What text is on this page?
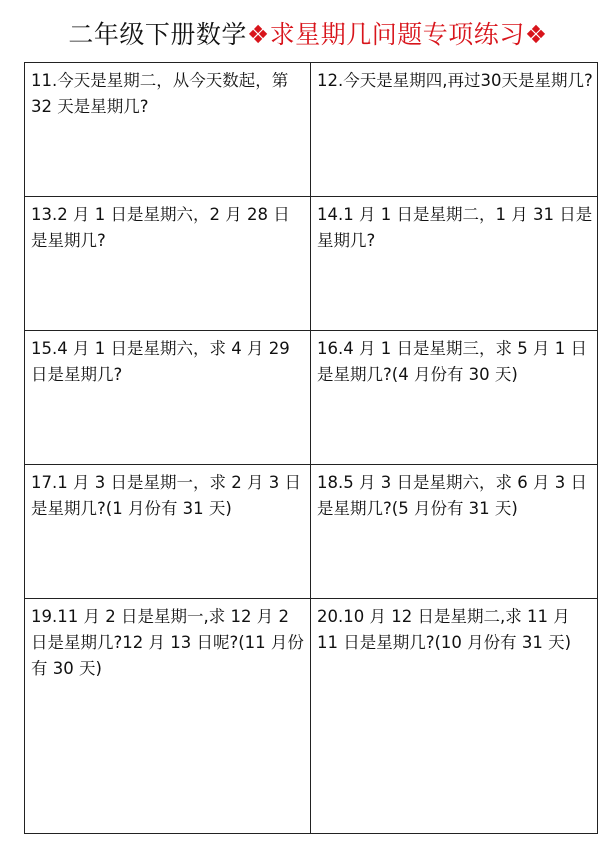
二年级下册数学❖求星期几问题专项练习❖
11.今天是星期二，从今天数起，第 32 天是星期几?
12.今天是星期四,再过30天是星期几?
13.2 月 1 日是星期六，2 月 28 日是星期几?
14.1 月 1 日是星期二，1 月 31 日是星期几?
15.4 月 1 日是星期六，求 4 月 29 日是星期几?
16.4 月 1 日是星期三，求 5 月 1 日是星期几?(4 月份有 30 天)
17.1 月 3 日是星期一，求 2 月 3 日是星期几?(1 月份有 31 天)
18.5 月 3 日是星期六，求 6 月 3 日是星期几?(5 月份有 31 天)
19.11 月 2 日是星期一,求 12 月 2 日是星期几?12 月 13 日呢?(11 月份有 30 天)
20.10 月 12 日是星期二,求 11 月 11 日是星期几?(10 月份有 31 天)
